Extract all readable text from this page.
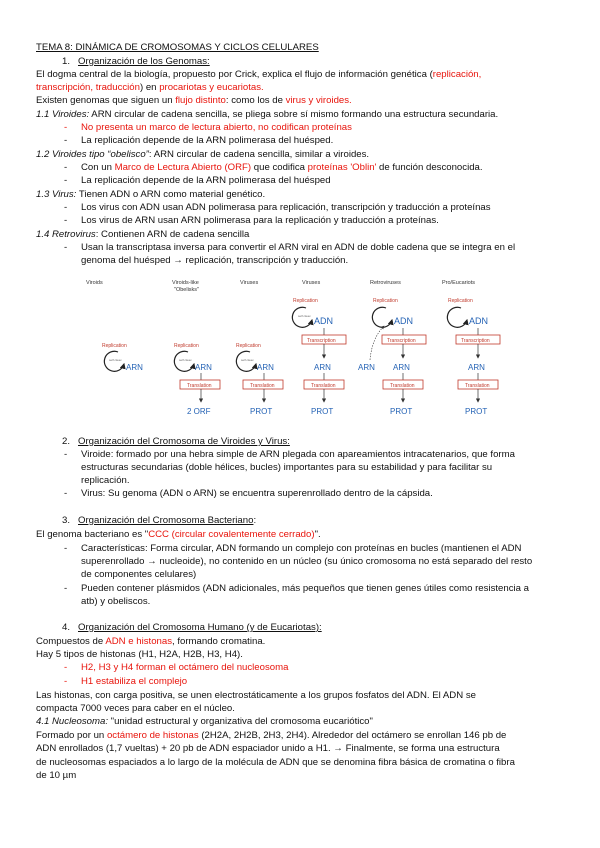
TEMA 8: DINÁMICA DE CROMOSOMAS Y CICLOS CELULARES
1.   Organización de los Genomas:
El dogma central de la biología, propuesto por Crick, explica el flujo de información genética (replicación,
transcripción, traducción) en procariotas y eucariotas.
Existen genomas que siguen un flujo distinto: como los de virus y viroides.
1.1 Viroides: ARN circular de cadena sencilla, se pliega sobre sí mismo formando una estructura secundaria.
- No presenta un marco de lectura abierto, no codifican proteínas
- La replicación depende de la ARN polimerasa del huésped.
1.2 Viroides tipo “obelisco”: ARN circular de cadena sencilla, similar a viroides.
- Con un Marco de Lectura Abierto (ORF) que codifica proteínas 'Oblin' de función desconocida.
- La replicación depende de la ARN polimerasa del huésped
1.3 Virus: Tienen ADN o ARN como material genético.
- Los virus con ADN usan ADN polimerasa para replicación, transcripción y traducción a proteínas
- Los virus de ARN usan ARN polimerasa para la replicación y traducción a proteínas.
1.4 Retrovirus: Contienen ARN de cadena sencilla
- Usan la transcriptasa inversa para convertir el ARN viral en ADN de doble cadena que se integra en el
genoma del huésped → replicación, transcripción y traducción.
Viroids	Viroids-like
"Obelisks"
Viruses	Viruses	Retroviruses	Pro/Eucariots
Replication
self cleav.
ARN
Replication
self cleav.
ARN
Translation
2 ORF
Replication
self cleav.
ARN
Translation
PROT
Replication
self cleav. ADN
Transcription
ARN
Translation
PROT
Replication
ADN
Transcription
ARN ARN
Translation
PROT
Replication
ADN
Transcription
ARN
Translation
PROT
2.   Organización del Cromosoma de Viroides y Virus:
- Viroide: formado por una hebra simple de ARN plegada con apareamientos intracatenarios, que forma
estructuras secundarias (doble hélices, bucles) importantes para su estabilidad y para facilitar su
replicación.
- Virus: Su genoma (ADN o ARN) se encuentra superenrollado dentro de la cápsida.
3.   Organización del Cromosoma Bacteriano:
El genoma bacteriano es "CCC (circular covalentemente cerrado)".
- Características: Forma circular, ADN formando un complejo con proteínas en bucles (mantienen el ADN
superenrollado → nucleoide), no contenido en un núcleo (su único cromosoma no está separado del resto
de componentes celulares)
- Pueden contener plásmidos (ADN adicionales, más pequeños que tienen genes útiles como resistencia a
atb) y obeliscos.
4.   Organización del Cromosoma Humano (y de Eucariotas):
Compuestos de ADN e histonas, formando cromatina.
Hay 5 tipos de histonas (H1, H2A, H2B, H3, H4).
- H2, H3 y H4 forman el octámero del nucleosoma
- H1 estabiliza el complejo
Las histonas, con carga positiva, se unen electrostáticamente a los grupos fosfatos del ADN. El ADN se
compacta 7000 veces para caber en el núcleo.
4.1 Nucleosoma: "unidad estructural y organizativa del cromosoma eucariótico"
Formado por un octámero de histonas (2H2A, 2H2B, 2H3, 2H4). Alrededor del octámero se enrollan 146 pb de
ADN enrollados (1,7 vueltas) + 20 pb de ADN espaciador unido a H1. → Finalmente, se forma una estructura
de nucleosomas espaciados a lo largo de la molécula de ADN que se denomina fibra básica de cromatina o fibra
de 10 µm
